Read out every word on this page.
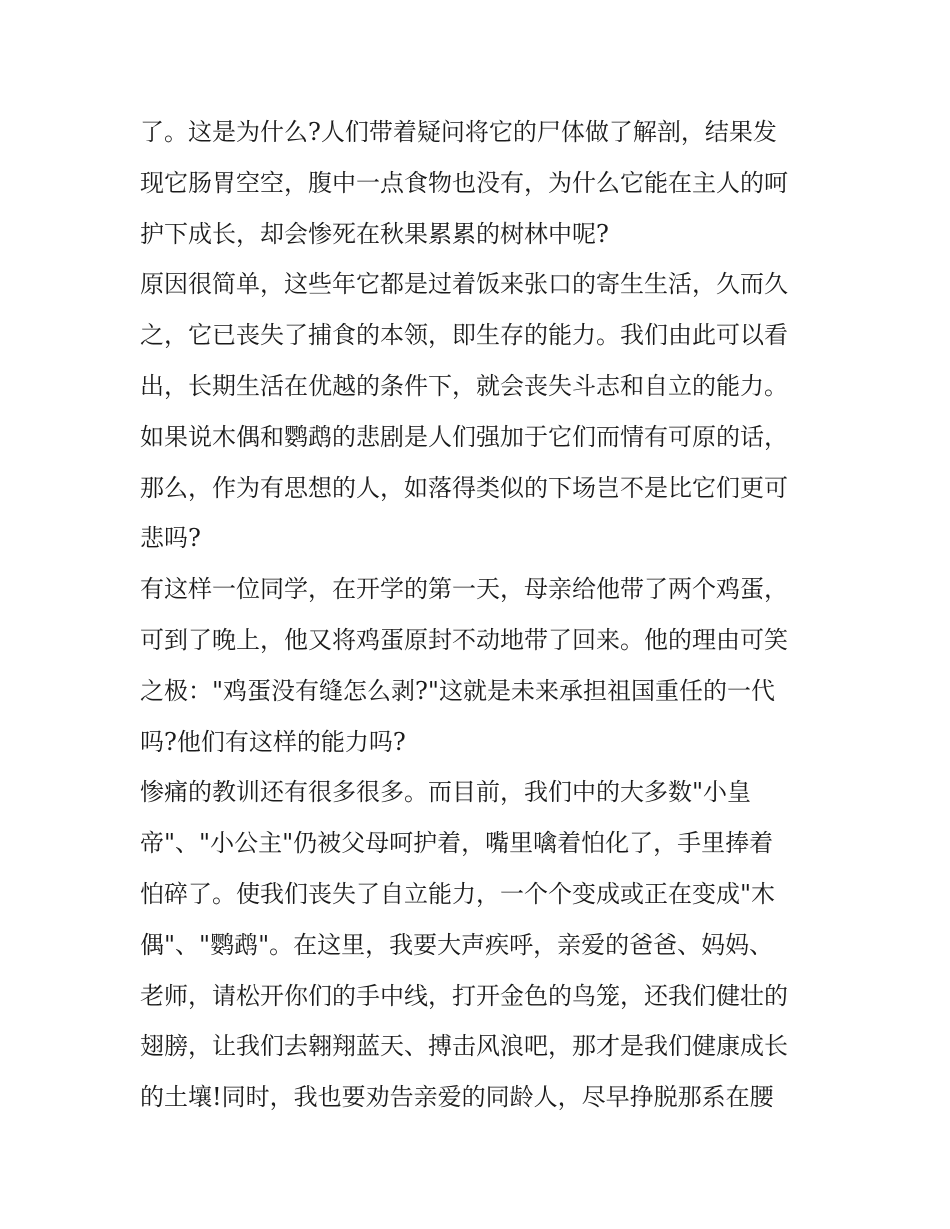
了。这是为什么?人们带着疑问将它的尸体做了解剖，结果发
现它肠胃空空，腹中一点食物也没有，为什么它能在主人的呵
护下成长，却会惨死在秋果累累的树林中呢?
原因很简单，这些年它都是过着饭来张口的寄生生活，久而久
之，它已丧失了捕食的本领，即生存的能力。我们由此可以看
出，长期生活在优越的条件下，就会丧失斗志和自立的能力。
如果说木偶和鹦鹉的悲剧是人们强加于它们而情有可原的话，
那么，作为有思想的人，如落得类似的下场岂不是比它们更可
悲吗?
有这样一位同学，在开学的第一天，母亲给他带了两个鸡蛋，
可到了晚上，他又将鸡蛋原封不动地带了回来。他的理由可笑
之极："鸡蛋没有缝怎么剥?"这就是未来承担祖国重任的一代
吗?他们有这样的能力吗?
惨痛的教训还有很多很多。而目前，我们中的大多数"小皇
帝"、"小公主"仍被父母呵护着，嘴里噙着怕化了，手里捧着
怕碎了。使我们丧失了自立能力，一个个变成或正在变成"木
偶"、"鹦鹉"。在这里，我要大声疾呼，亲爱的爸爸、妈妈、
老师，请松开你们的手中线，打开金色的鸟笼，还我们健壮的
翅膀，让我们去翱翔蓝天、搏击风浪吧，那才是我们健康成长
的土壤!同时，我也要劝告亲爱的同龄人，尽早挣脱那系在腰
